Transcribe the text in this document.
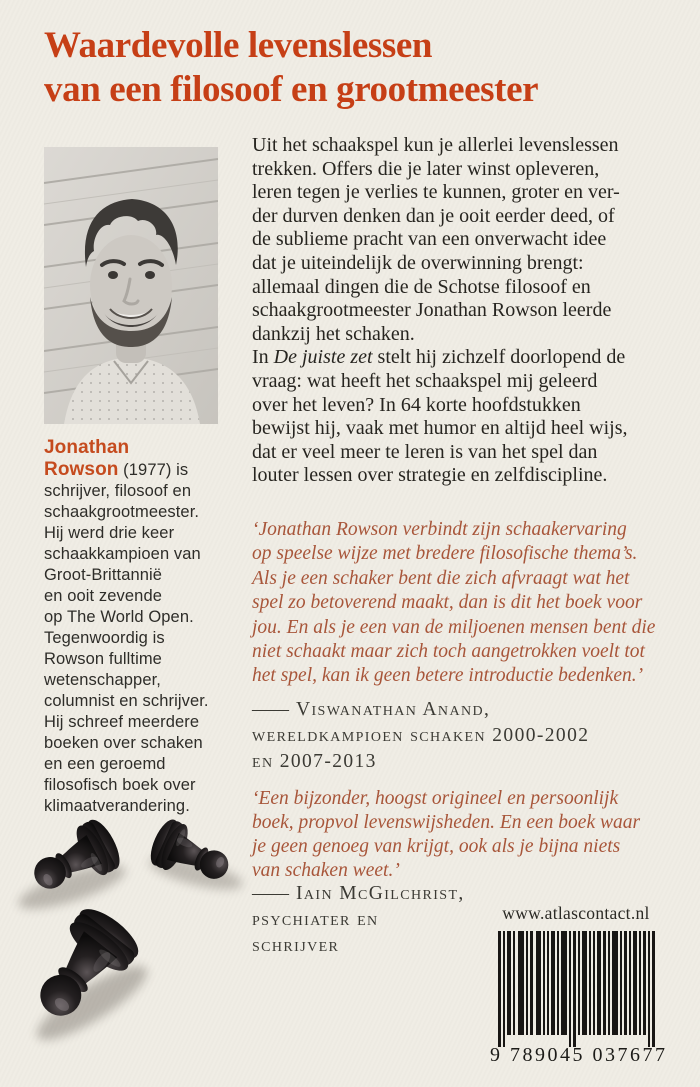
Waardevolle levenslessen
van een filosoof en grootmeester
Jonathan
Rowson (1977) is
schrijver, filosoof en
schaakgrootmeester.
Hij werd drie keer
schaakkampioen van
Groot-Brittannië
en ooit zevende
op The World Open.
Tegenwoordig is
Rowson fulltime
wetenschapper,
columnist en schrijver.
Hij schreef meerdere
boeken over schaken
en een geroemd
filosofisch boek over
klimaatverandering.
Uit het schaakspel kun je allerlei levenslessen
trekken. Offers die je later winst opleveren,
leren tegen je verlies te kunnen, groter en ver-
der durven denken dan je ooit eerder deed, of
de sublieme pracht van een onverwacht idee
dat je uiteindelijk de overwinning brengt:
allemaal dingen die de Schotse filosoof en
schaakgrootmeester Jonathan Rowson leerde
dankzij het schaken.
In De juiste zet stelt hij zichzelf doorlopend de
vraag: wat heeft het schaakspel mij geleerd
over het leven? In 64 korte hoofdstukken
bewijst hij, vaak met humor en altijd heel wijs,
dat er veel meer te leren is van het spel dan
louter lessen over strategie en zelfdiscipline.
‘Jonathan Rowson verbindt zijn schaakervaring
op speelse wijze met bredere filosofische thema’s.
Als je een schaker bent die zich afvraagt wat het
spel zo betoverend maakt, dan is dit het boek voor
jou. En als je een van de miljoenen mensen bent die
niet schaakt maar zich toch aangetrokken voelt tot
het spel, kan ik geen betere introductie bedenken.’
—— Viswanathan Anand,
wereldkampioen schaken 2000-2002
en 2007-2013
‘Een bijzonder, hoogst origineel en persoonlijk
boek, propvol levenswijsheden. En een boek waar
je geen genoeg van krijgt, ook als je bijna niets
van schaken weet.’
—— Iain McGilchrist,
psychiater en
schrijver
www.atlascontact.nl
9 789045 037677
